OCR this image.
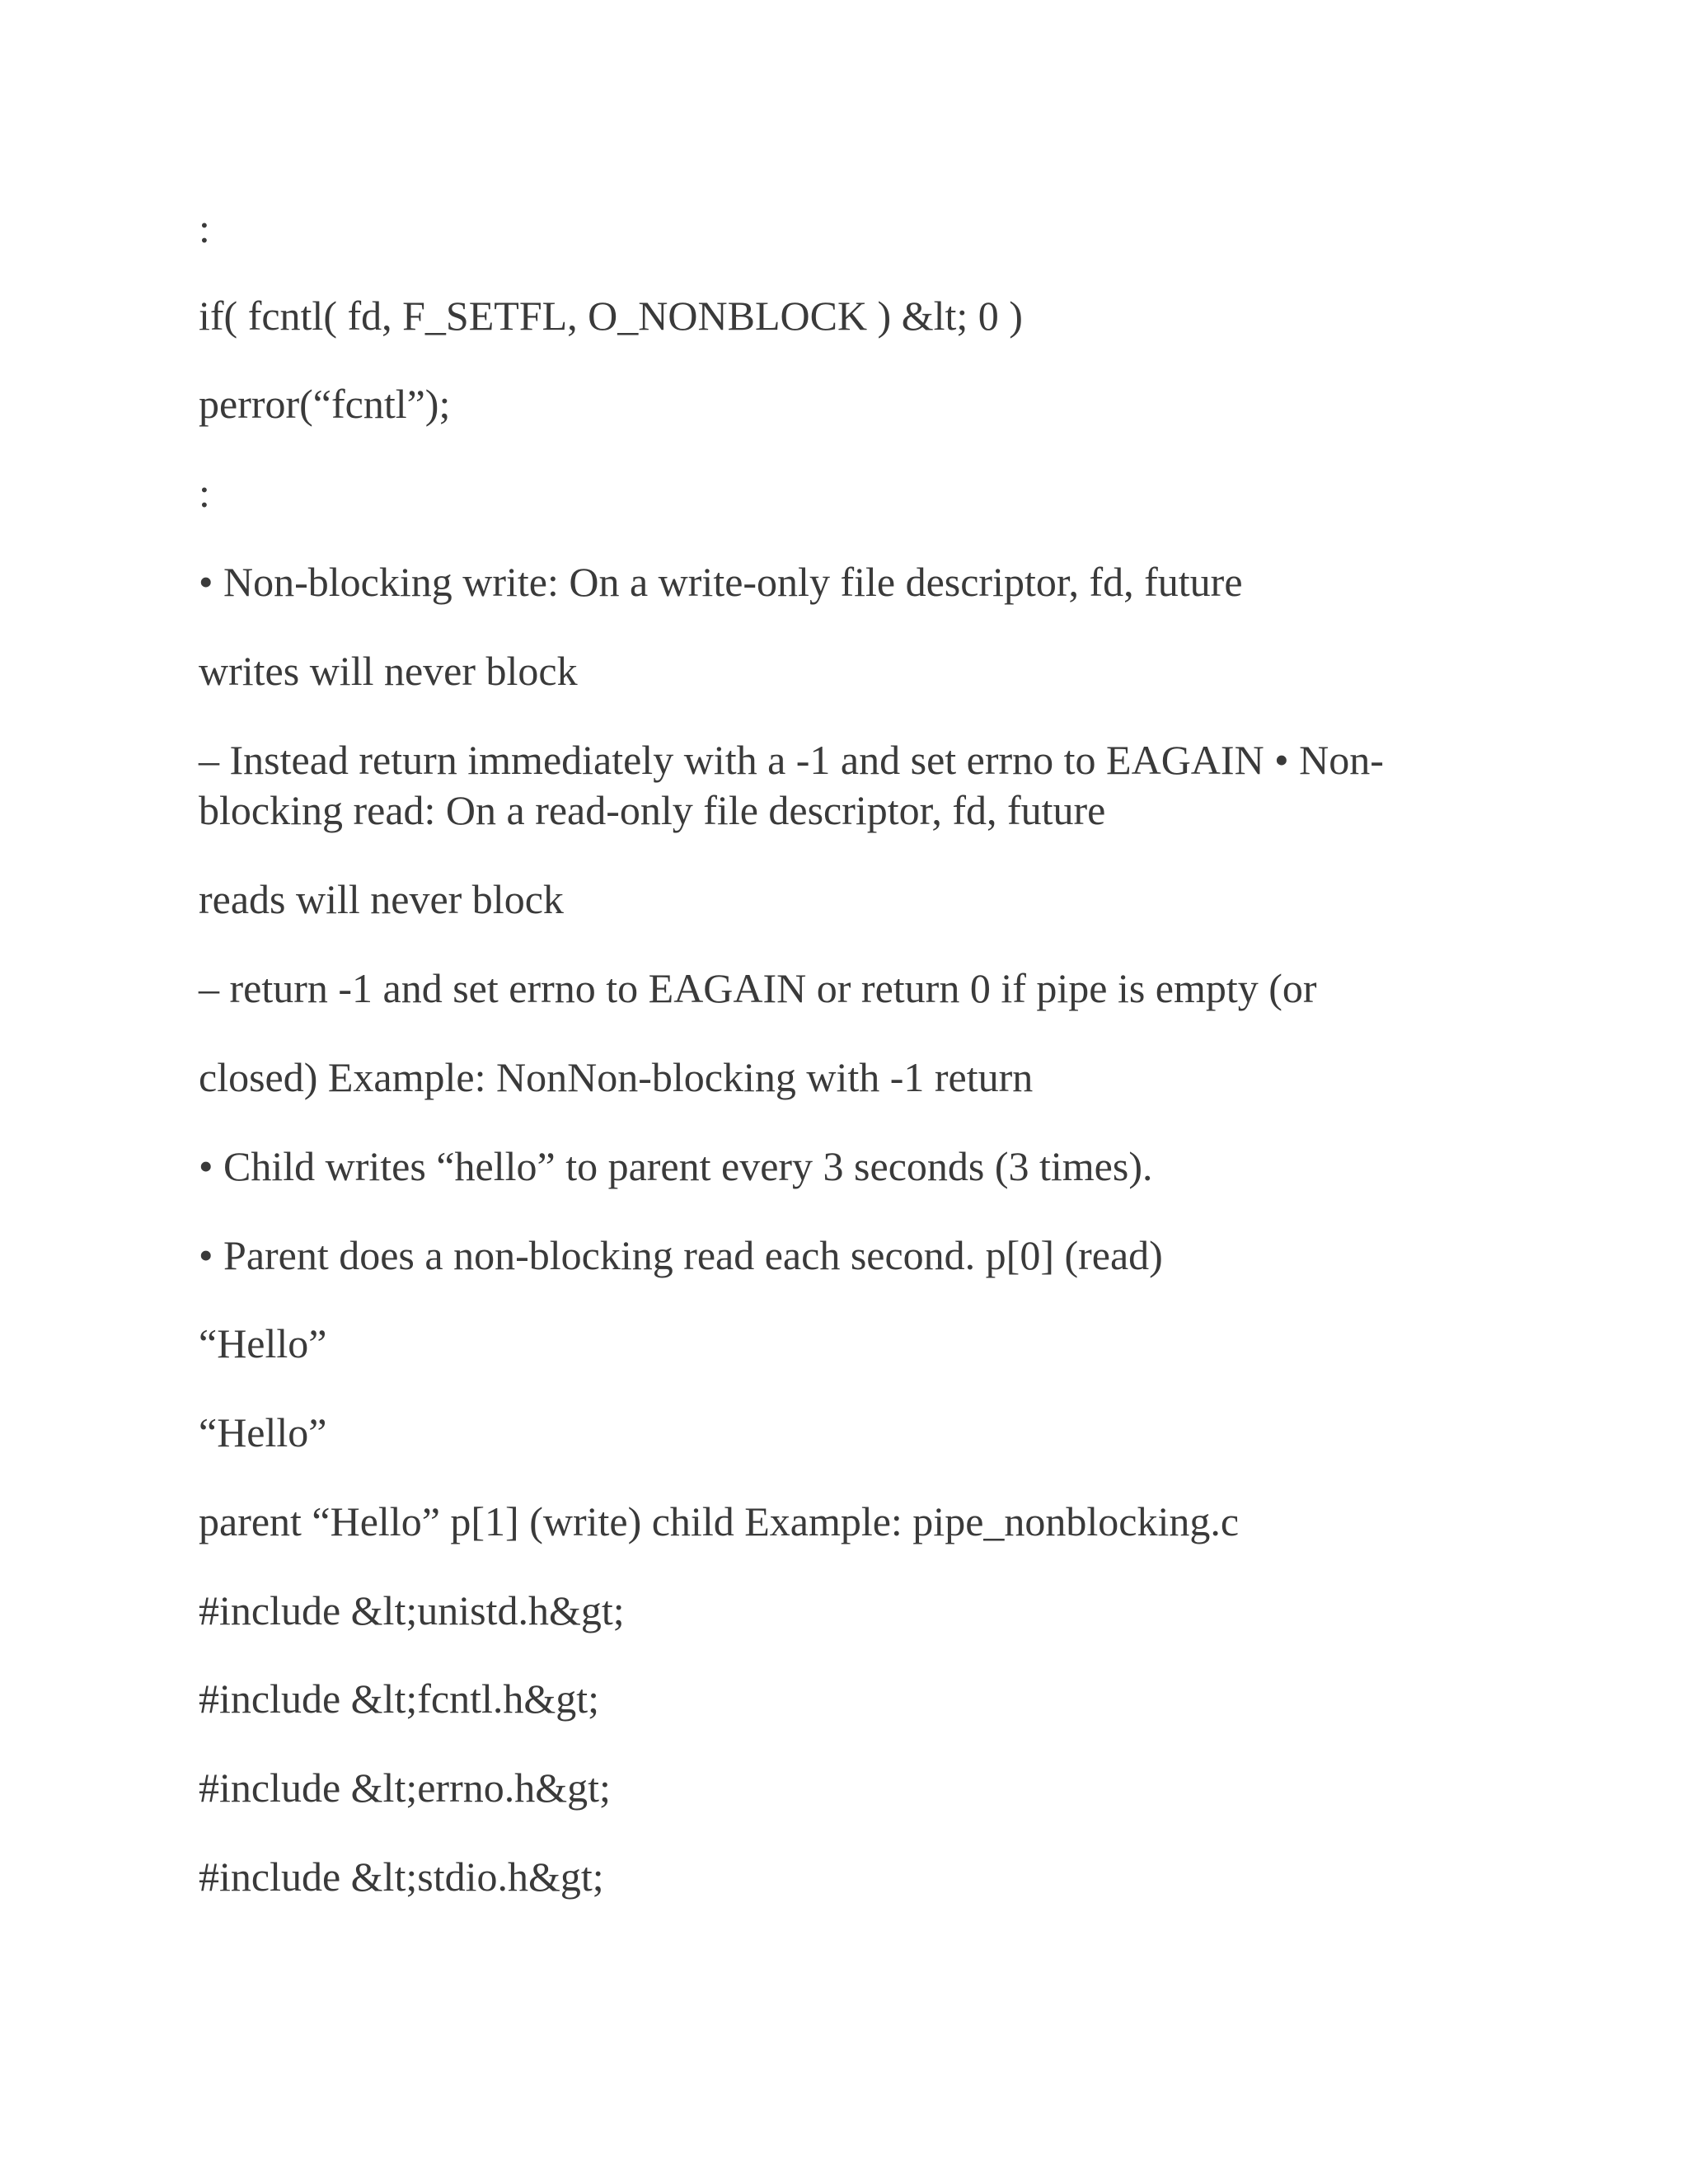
:

if( fcntl( fd, F_SETFL, O_NONBLOCK ) &lt; 0 )

perror(“fcntl”);

:

• Non-blocking write: On a write-only file descriptor, fd, future

writes will never block

– Instead return immediately with a -1 and set errno to EAGAIN • Non-

blocking read: On a read-only file descriptor, fd, future

reads will never block

– return -1 and set errno to EAGAIN or return 0 if pipe is empty (or

closed) Example: NonNon-blocking with -1 return

• Child writes “hello” to parent every 3 seconds (3 times).

• Parent does a non-blocking read each second. p[0] (read)

“Hello”

“Hello”

parent “Hello” p[1] (write) child Example: pipe_nonblocking.c

#include &lt;unistd.h&gt;

#include &lt;fcntl.h&gt;

#include &lt;errno.h&gt;

#include &lt;stdio.h&gt;
